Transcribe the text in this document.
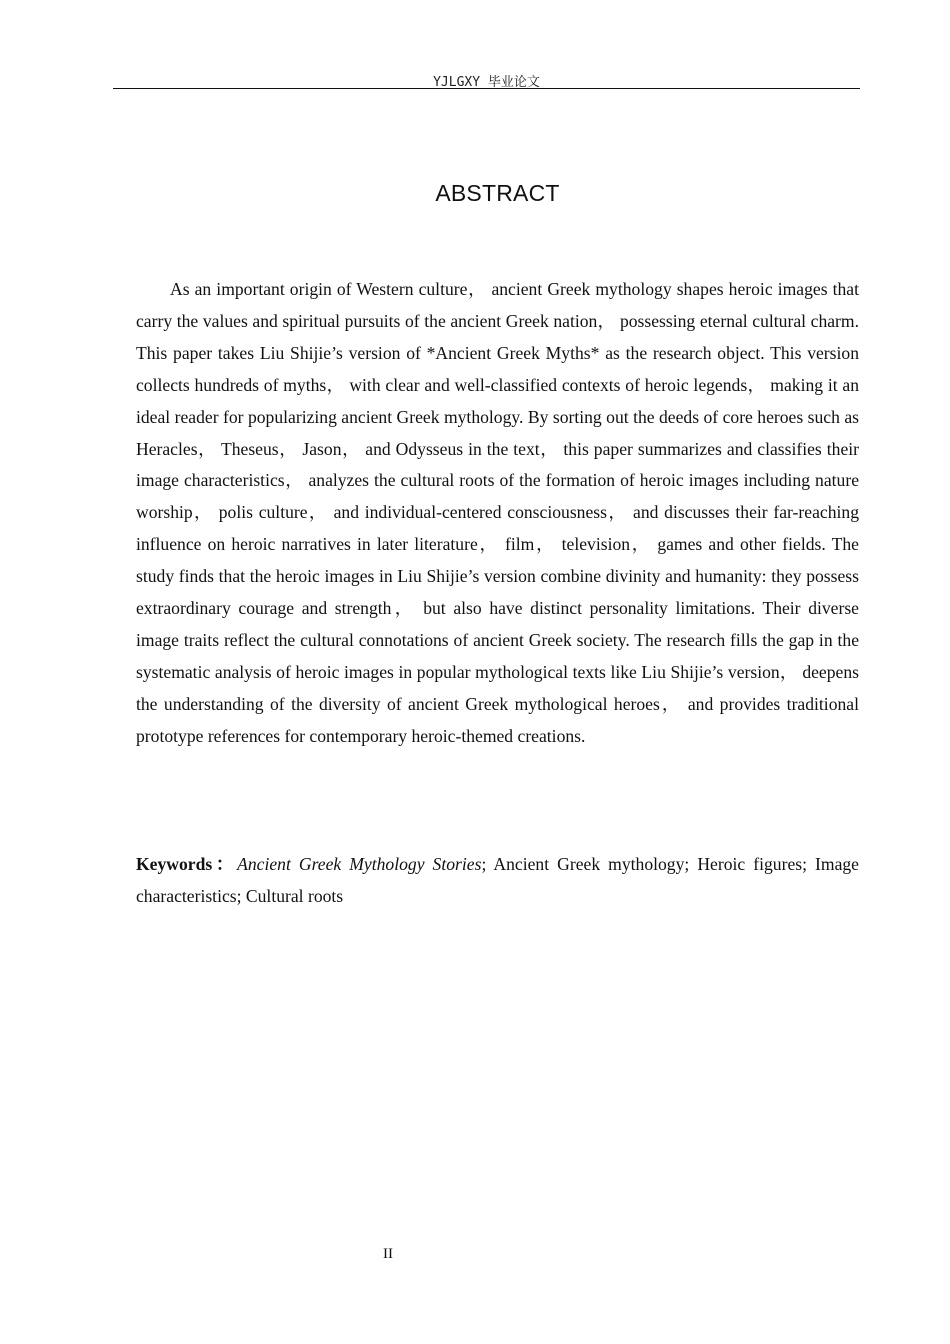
YJLGXY 毕业论文
ABSTRACT

As an important origin of Western culture， ancient Greek mythology shapes heroic images that carry the values and spiritual pursuits of the ancient Greek nation， possessing eternal cultural charm. This paper takes Liu Shijie’s version of *Ancient Greek Myths* as the research object. This version collects hundreds of myths， with clear and well-classified contexts of heroic legends， making it an ideal reader for popularizing ancient Greek mythology. By sorting out the deeds of core heroes such as Heracles， Theseus， Jason， and Odysseus in the text， this paper summarizes and classifies their image characteristics， analyzes the cultural roots of the formation of heroic images including nature worship， polis culture， and individual-centered consciousness， and discusses their far-reaching influence on heroic narratives in later literature， film， television， games and other fields. The study finds that the heroic images in Liu Shijie’s version combine divinity and humanity: they possess extraordinary courage and strength， but also have distinct personality limitations. Their diverse image traits reflect the cultural connotations of ancient Greek society. The research fills the gap in the systematic analysis of heroic images in popular mythological texts like Liu Shijie’s version， deepens the understanding of the diversity of ancient Greek mythological heroes， and provides traditional prototype references for contemporary heroic-themed creations.

Keywords：Ancient Greek Mythology Stories; Ancient Greek mythology; Heroic figures; Image characteristics; Cultural roots

II
